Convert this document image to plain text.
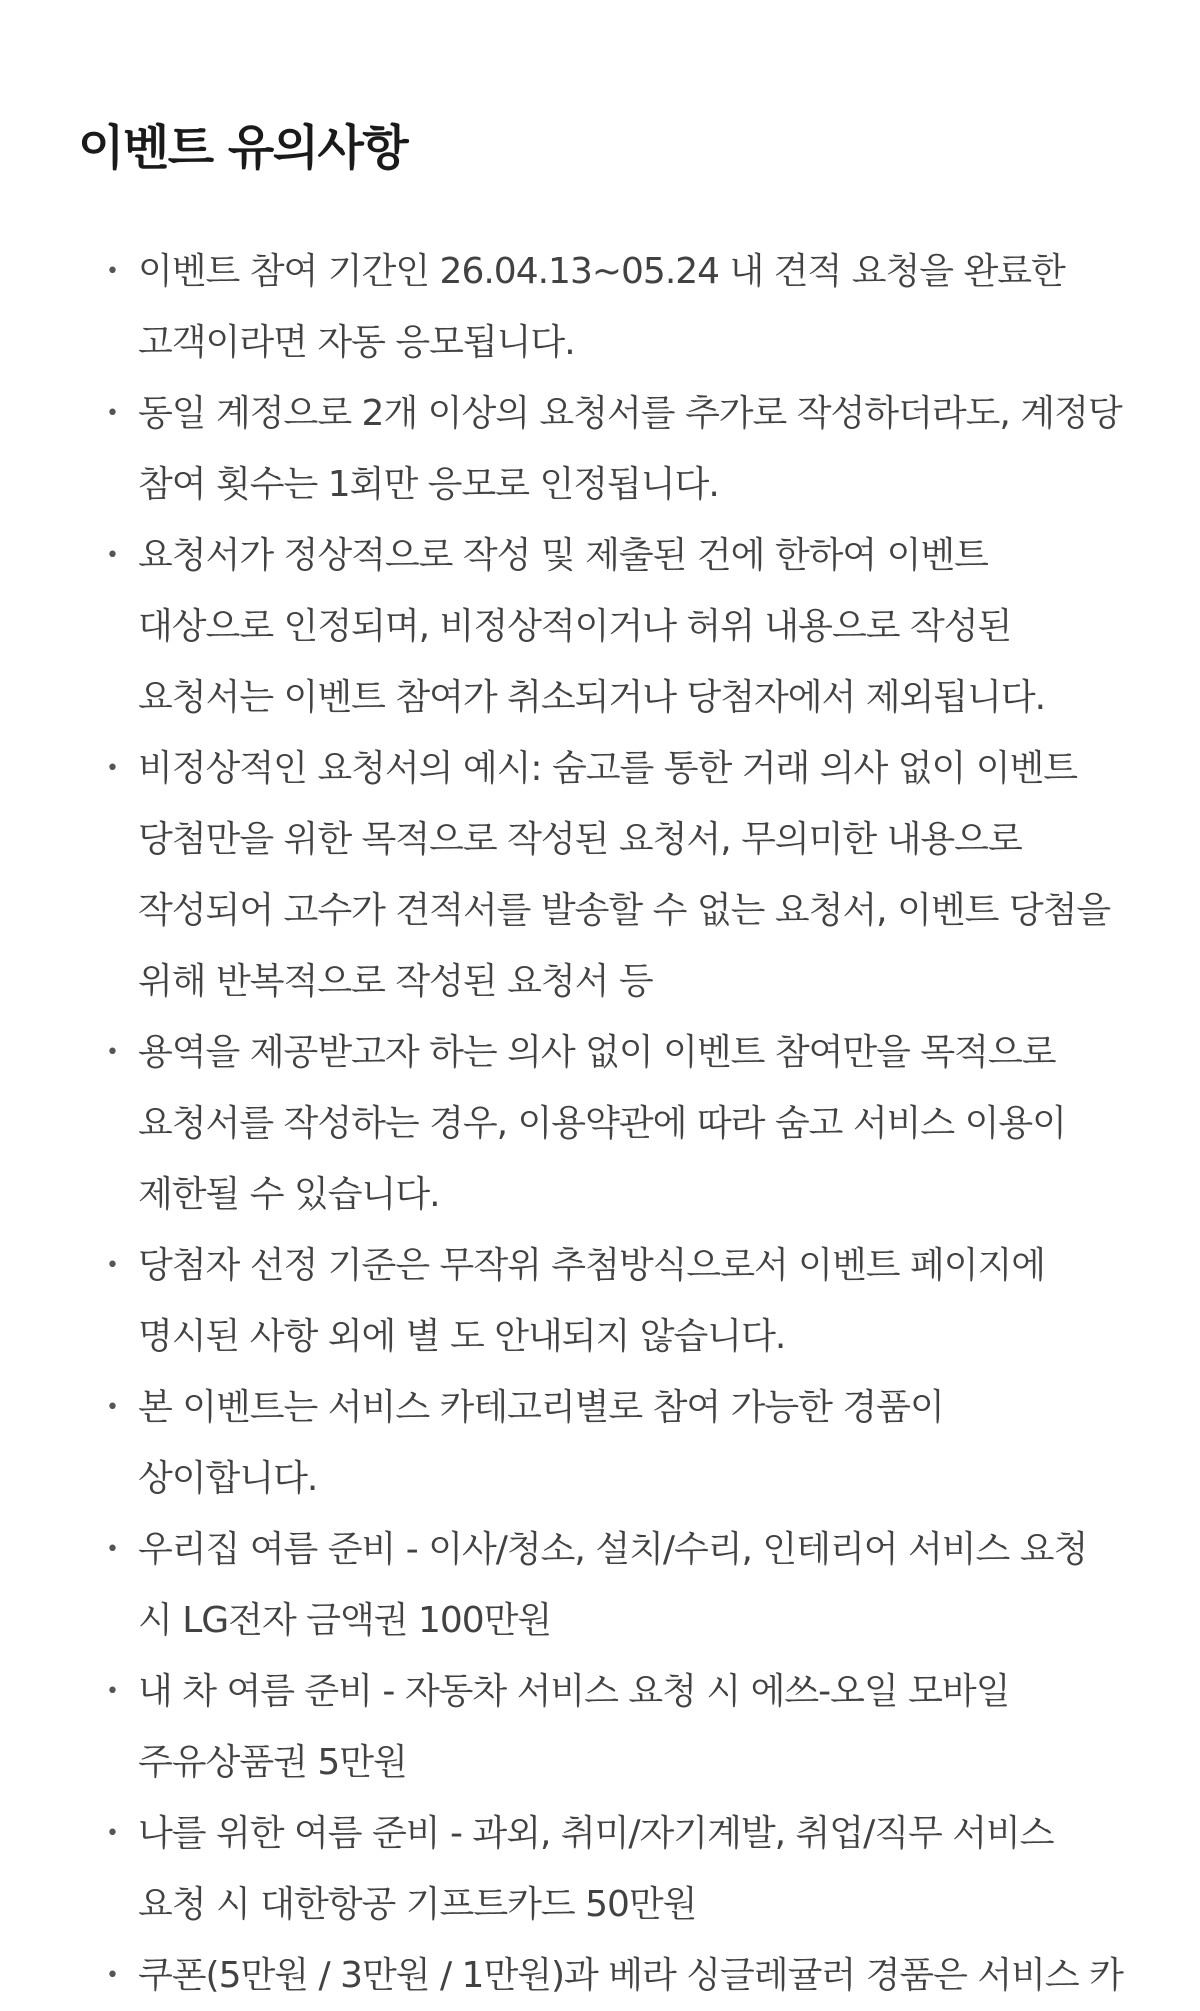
이벤트 유의사항
• 이벤트 참여 기간인 26.04.13~05.24 내 견적 요청을 완료한 고객이라면 자동 응모됩니다.
• 동일 계정으로 2개 이상의 요청서를 추가로 작성하더라도, 계정당 참여 횟수는 1회만 응모로 인정됩니다.
• 요청서가 정상적으로 작성 및 제출된 건에 한하여 이벤트 대상으로 인정되며, 비정상적이거나 허위 내용으로 작성된 요청서는 이벤트 참여가 취소되거나 당첨자에서 제외됩니다.
• 비정상적인 요청서의 예시: 숨고를 통한 거래 의사 없이 이벤트 당첨만을 위한 목적으로 작성된 요청서, 무의미한 내용으로 작성되어 고수가 견적서를 발송할 수 없는 요청서, 이벤트 당첨을 위해 반복적으로 작성된 요청서 등
• 용역을 제공받고자 하는 의사 없이 이벤트 참여만을 목적으로 요청서를 작성하는 경우, 이용약관에 따라 숨고 서비스 이용이 제한될 수 있습니다.
• 당첨자 선정 기준은 무작위 추첨방식으로서 이벤트 페이지에 명시된 사항 외에 별 도 안내되지 않습니다.
• 본 이벤트는 서비스 카테고리별로 참여 가능한 경품이 상이합니다.
• 우리집 여름 준비 - 이사/청소, 설치/수리, 인테리어 서비스 요청 시 LG전자 금액권 100만원
• 내 차 여름 준비 - 자동차 서비스 요청 시 에쓰-오일 모바일 주유상품권 5만원
• 나를 위한 여름 준비 - 과외, 취미/자기계발, 취업/직무 서비스 요청 시 대한항공 기프트카드 50만원
• 쿠폰(5만원 / 3만원 / 1만원)과 베라 싱글레귤러 경품은 서비스 카
